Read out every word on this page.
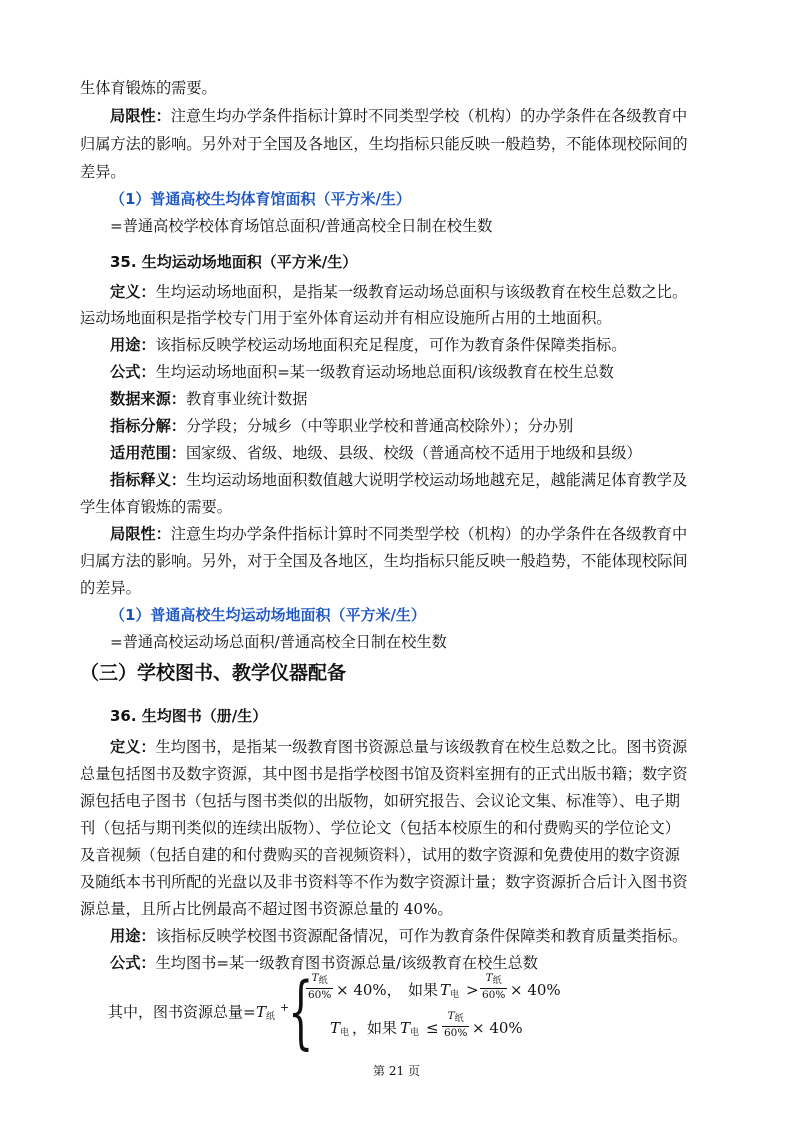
生体育锻炼的需要。
局限性：注意生均办学条件指标计算时不同类型学校（机构）的办学条件在各级教育中
归属方法的影响。另外对于全国及各地区，生均指标只能反映一般趋势，不能体现校际间的
差异。
（1）普通高校生均体育馆面积（平方米/生）
=普通高校学校体育场馆总面积/普通高校全日制在校生数
35. 生均运动场地面积（平方米/生）
定义：生均运动场地面积，是指某一级教育运动场总面积与该级教育在校生总数之比。
运动场地面积是指学校专门用于室外体育运动并有相应设施所占用的土地面积。
用途：该指标反映学校运动场地面积充足程度，可作为教育条件保障类指标。
公式：生均运动场地面积=某一级教育运动场地总面积/该级教育在校生总数
数据来源：教育事业统计数据
指标分解：分学段；分城乡（中等职业学校和普通高校除外）；分办别
适用范围：国家级、省级、地级、县级、校级（普通高校不适用于地级和县级）
指标释义：生均运动场地面积数值越大说明学校运动场地越充足，越能满足体育教学及
学生体育锻炼的需要。
局限性：注意生均办学条件指标计算时不同类型学校（机构）的办学条件在各级教育中
归属方法的影响。另外，对于全国及各地区，生均指标只能反映一般趋势，不能体现校际间
的差异。
（1）普通高校生均运动场地面积（平方米/生）
=普通高校运动场总面积/普通高校全日制在校生数
（三）学校图书、教学仪器配备
36. 生均图书（册/生）
定义：生均图书，是指某一级教育图书资源总量与该级教育在校生总数之比。图书资源
总量包括图书及数字资源，其中图书是指学校图书馆及资料室拥有的正式出版书籍；数字资
源包括电子图书（包括与图书类似的出版物，如研究报告、会议论文集、标准等）、电子期
刊（包括与期刊类似的连续出版物）、学位论文（包括本校原生的和付费购买的学位论文）
及音视频（包括自建的和付费购买的音视频资料），试用的数字资源和免费使用的数字资源
及随纸本书刊所配的光盘以及非书资料等不作为数字资源计量；数字资源折合后计入图书资
源总量，且所占比例最高不超过图书资源总量的 40%。
用途：该指标反映学校图书资源配备情况，可作为教育条件保障类和教育质量类指标。
公式：生均图书=某一级教育图书资源总量/该级教育在校生总数
其中，图书资源总量= $T_纸$
+
{
$T_纸$
60% × 40%， 如果 $T_电$ >
$T_纸$
60% × 40%
$T_电$ ，如果 $T_电$ ≤
$T_纸$
60% × 40%
第 21 页
